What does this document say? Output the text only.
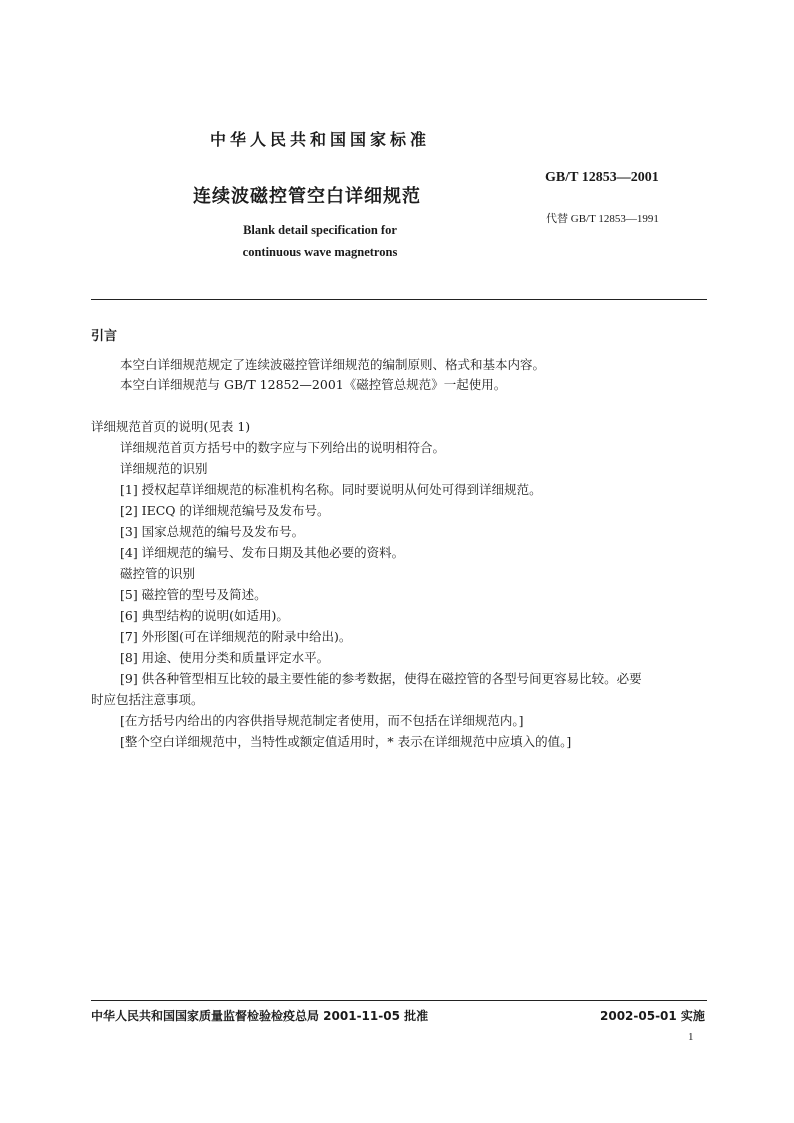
中华人民共和国国家标准
连续波磁控管空白详细规范
Blank detail specification for
continuous wave magnetrons
GB/T 12853—2001
代替 GB/T 12853—1991
引言
本空白详细规范规定了连续波磁控管详细规范的编制原则、格式和基本内容。
本空白详细规范与 GB/T 12852—2001《磁控管总规范》一起使用。
详细规范首页的说明(见表 1)
详细规范首页方括号中的数字应与下列给出的说明相符合。
详细规范的识别
[1] 授权起草详细规范的标准机构名称。同时要说明从何处可得到详细规范。
[2] IECQ 的详细规范编号及发布号。
[3] 国家总规范的编号及发布号。
[4] 详细规范的编号、发布日期及其他必要的资料。
磁控管的识别
[5] 磁控管的型号及简述。
[6] 典型结构的说明(如适用)。
[7] 外形图(可在详细规范的附录中给出)。
[8] 用途、使用分类和质量评定水平。
[9] 供各种管型相互比较的最主要性能的参考数据，使得在磁控管的各型号间更容易比较。必要
时应包括注意事项。
[在方括号内给出的内容供指导规范制定者使用，而不包括在详细规范内。]
[整个空白详细规范中，当特性或额定值适用时，* 表示在详细规范中应填入的值。]
中华人民共和国国家质量监督检验检疫总局 2001-11-05 批准	2002-05-01 实施
1
